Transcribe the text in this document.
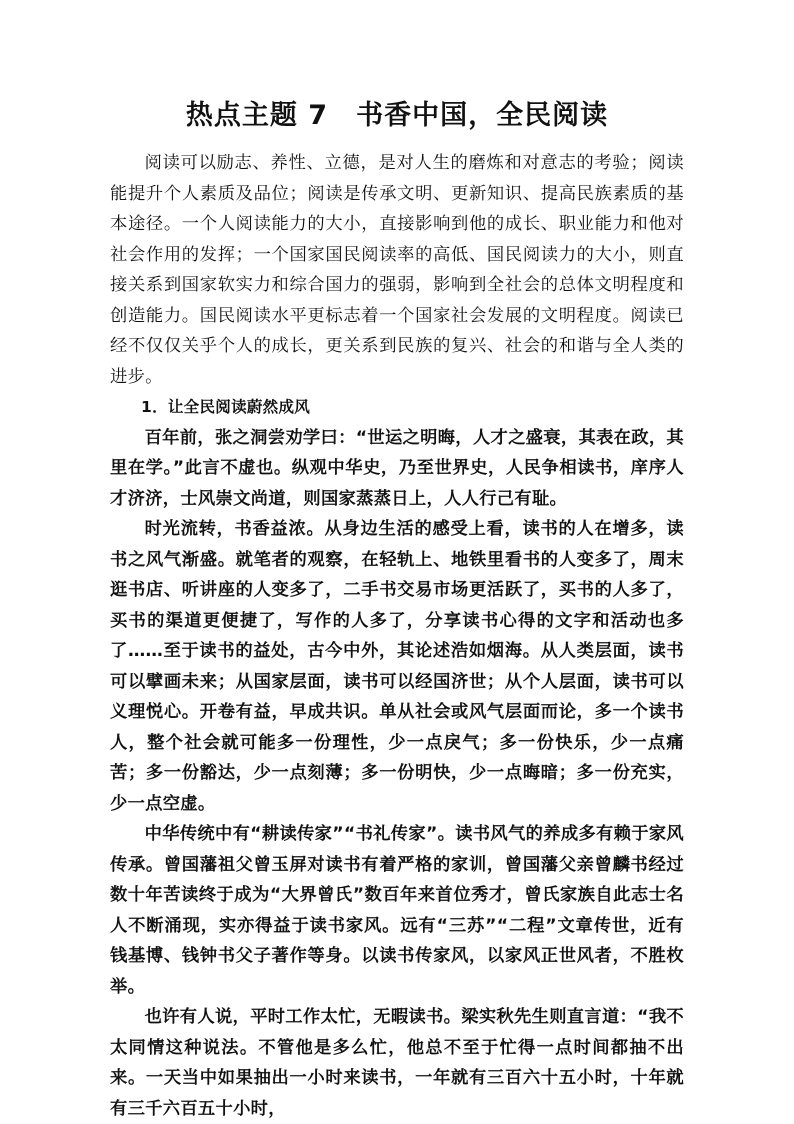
热点主题 7　书香中国，全民阅读

阅读可以励志、养性、立德，是对人生的磨炼和对意志的考验；阅读能提升个人素质及品位；阅读是传承文明、更新知识、提高民族素质的基本途径。一个人阅读能力的大小，直接影响到他的成长、职业能力和他对社会作用的发挥；一个国家国民阅读率的高低、国民阅读力的大小，则直接关系到国家软实力和综合国力的强弱，影响到全社会的总体文明程度和创造能力。国民阅读水平更标志着一个国家社会发展的文明程度。阅读已经不仅仅关乎个人的成长，更关系到民族的复兴、社会的和谐与全人类的进步。

1．让全民阅读蔚然成风

百年前，张之洞尝劝学曰：“世运之明晦，人才之盛衰，其表在政，其里在学。”此言不虚也。纵观中华史，乃至世界史，人民争相读书，庠序人才济济，士风崇文尚道，则国家蒸蒸日上，人人行己有耻。

时光流转，书香益浓。从身边生活的感受上看，读书的人在增多，读书之风气渐盛。就笔者的观察，在轻轨上、地铁里看书的人变多了，周末逛书店、听讲座的人变多了，二手书交易市场更活跃了，买书的人多了，买书的渠道更便捷了，写作的人多了，分享读书心得的文字和活动也多了……至于读书的益处，古今中外，其论述浩如烟海。从人类层面，读书可以擘画未来；从国家层面，读书可以经国济世；从个人层面，读书可以义理悦心。开卷有益，早成共识。单从社会或风气层面而论，多一个读书人，整个社会就可能多一份理性，少一点戾气；多一份快乐，少一点痛苦；多一份豁达，少一点刻薄；多一份明快，少一点晦暗；多一份充实，少一点空虚。

中华传统中有“耕读传家”“书礼传家”。读书风气的养成多有赖于家风传承。曾国藩祖父曾玉屏对读书有着严格的家训，曾国藩父亲曾麟书经过数十年苦读终于成为“大界曾氏”数百年来首位秀才，曾氏家族自此志士名人不断涌现，实亦得益于读书家风。远有“三苏”“二程”文章传世，近有钱基博、钱钟书父子著作等身。以读书传家风，以家风正世风者，不胜枚举。

也许有人说，平时工作太忙，无暇读书。梁实秋先生则直言道：“我不太同情这种说法。不管他是多么忙，他总不至于忙得一点时间都抽不出来。一天当中如果抽出一小时来读书，一年就有三百六十五小时，十年就有三千六百五十小时，
